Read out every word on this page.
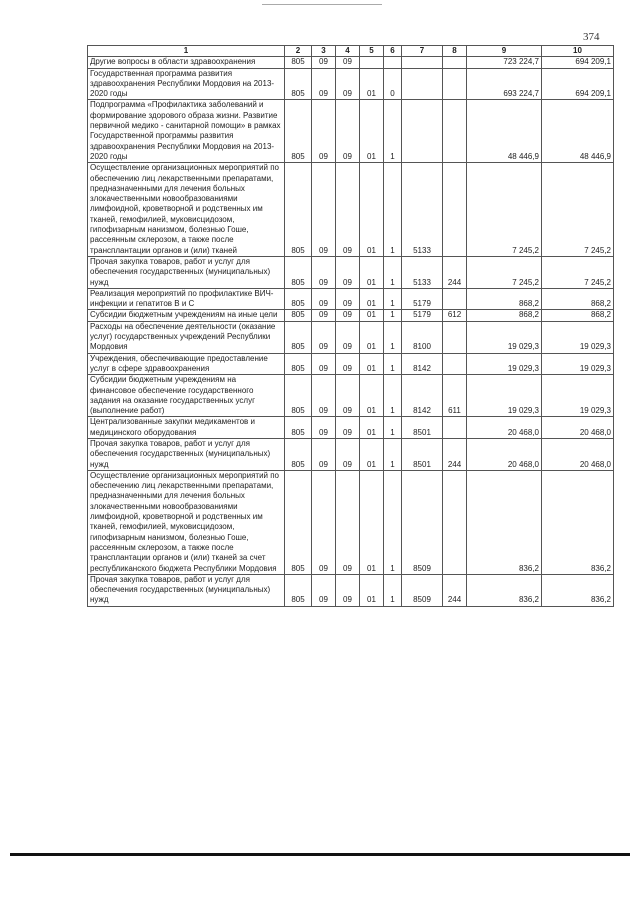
374
1	2	3	4	5	6	7	8	9	10
Другие вопросы в области здравоохранения	805	09	09					723 224,7	694 209,1
Государственная программа развития здравоохранения Республики Мордовия на 2013-2020 годы	805	09	09	01	0			693 224,7	694 209,1
Подпрограмма «Профилактика заболеваний и формирование здорового образа жизни. Развитие первичной медико - санитарной помощи» в рамках Государственной программы развития здравоохранения Республики Мордовия на 2013-2020 годы	805	09	09	01	1			48 446,9	48 446,9
Осуществление организационных мероприятий по обеспечению лиц лекарственными препаратами, предназначенными для лечения больных злокачественными новообразованиями лимфоидной, кроветворной и родственных им тканей, гемофилией, муковисцидозом, гипофизарным нанизмом, болезнью Гоше, рассеянным склерозом, а также после трансплантации органов и (или) тканей	805	09	09	01	1	5133		7 245,2	7 245,2
Прочая закупка товаров, работ и услуг для обеспечения государственных (муниципальных) нужд	805	09	09	01	1	5133	244	7 245,2	7 245,2
Реализация мероприятий по профилактике ВИЧ-инфекции и гепатитов В и С	805	09	09	01	1	5179		868,2	868,2
Субсидии бюджетным учреждениям на иные цели	805	09	09	01	1	5179	612	868,2	868,2
Расходы на обеспечение деятельности (оказание услуг) государственных учреждений Республики Мордовия	805	09	09	01	1	8100		19 029,3	19 029,3
Учреждения, обеспечивающие предоставление услуг в сфере здравоохранения	805	09	09	01	1	8142		19 029,3	19 029,3
Субсидии бюджетным учреждениям на финансовое обеспечение государственного задания на оказание государственных услуг (выполнение работ)	805	09	09	01	1	8142	611	19 029,3	19 029,3
Централизованные закупки медикаментов и медицинского оборудования	805	09	09	01	1	8501		20 468,0	20 468,0
Прочая закупка товаров, работ и услуг для обеспечения государственных (муниципальных) нужд	805	09	09	01	1	8501	244	20 468,0	20 468,0
Осуществление организационных мероприятий по обеспечению лиц лекарственными препаратами, предназначенными для лечения больных злокачественными новообразованиями лимфоидной, кроветворной и родственных им тканей, гемофилией, муковисцидозом, гипофизарным нанизмом, болезнью Гоше, рассеянным склерозом, а также после трансплантации органов и (или) тканей за счет республиканского бюджета Республики Мордовия	805	09	09	01	1	8509		836,2	836,2
Прочая закупка товаров, работ и услуг для обеспечения государственных (муниципальных) нужд	805	09	09	01	1	8509	244	836,2	836,2
